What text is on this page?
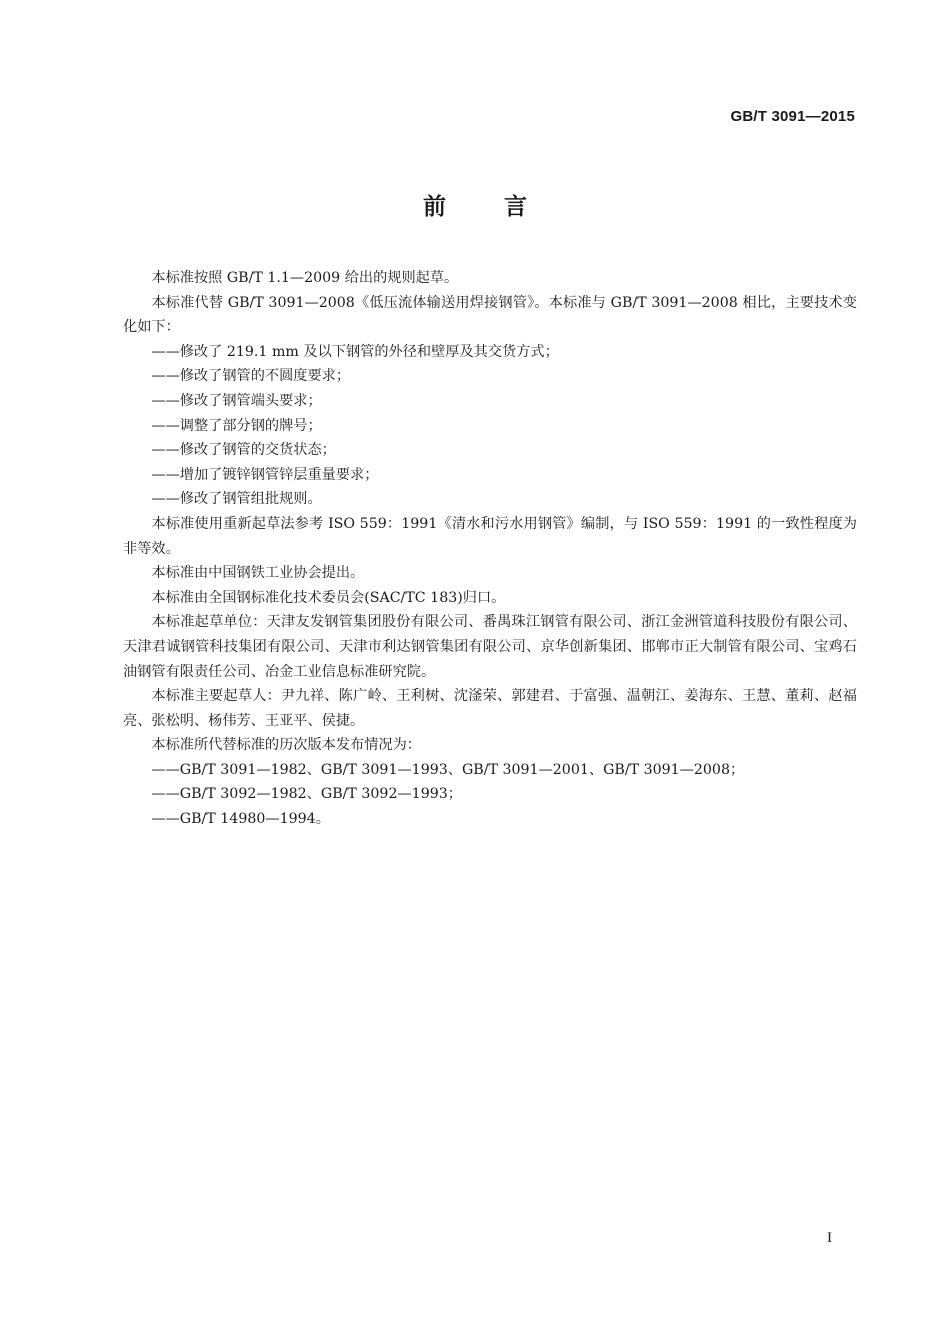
GB/T 3091—2015
前言

本标准按照 GB/T 1.1—2009 给出的规则起草。

本标准代替 GB/T 3091—2008《低压流体输送用焊接钢管》。本标准与 GB/T 3091—2008 相比，主要技术变化如下：

——修改了 219.1 mm 及以下钢管的外径和壁厚及其交货方式；

——修改了钢管的不圆度要求；

——修改了钢管端头要求；

——调整了部分钢的牌号；

——修改了钢管的交货状态；

——增加了镀锌钢管锌层重量要求；

——修改了钢管组批规则。

本标准使用重新起草法参考 ISO 559：1991《清水和污水用钢管》编制，与 ISO 559：1991 的一致性程度为非等效。

本标准由中国钢铁工业协会提出。

本标准由全国钢标准化技术委员会(SAC/TC 183)归口。

本标准起草单位：天津友发钢管集团股份有限公司、番禺珠江钢管有限公司、浙江金洲管道科技股份有限公司、天津君诚钢管科技集团有限公司、天津市利达钢管集团有限公司、京华创新集团、邯郸市正大制管有限公司、宝鸡石油钢管有限责任公司、冶金工业信息标准研究院。

本标准主要起草人：尹九祥、陈广岭、王利树、沈滏荣、郭建君、于富强、温朝江、姜海东、王慧、董莉、赵福亮、张松明、杨伟芳、王亚平、侯捷。

本标准所代替标准的历次版本发布情况为：

——GB/T 3091—1982、GB/T 3091—1993、GB/T 3091—2001、GB/T 3091—2008；

——GB/T 3092—1982、GB/T 3092—1993；

——GB/T 14980—1994。

I
